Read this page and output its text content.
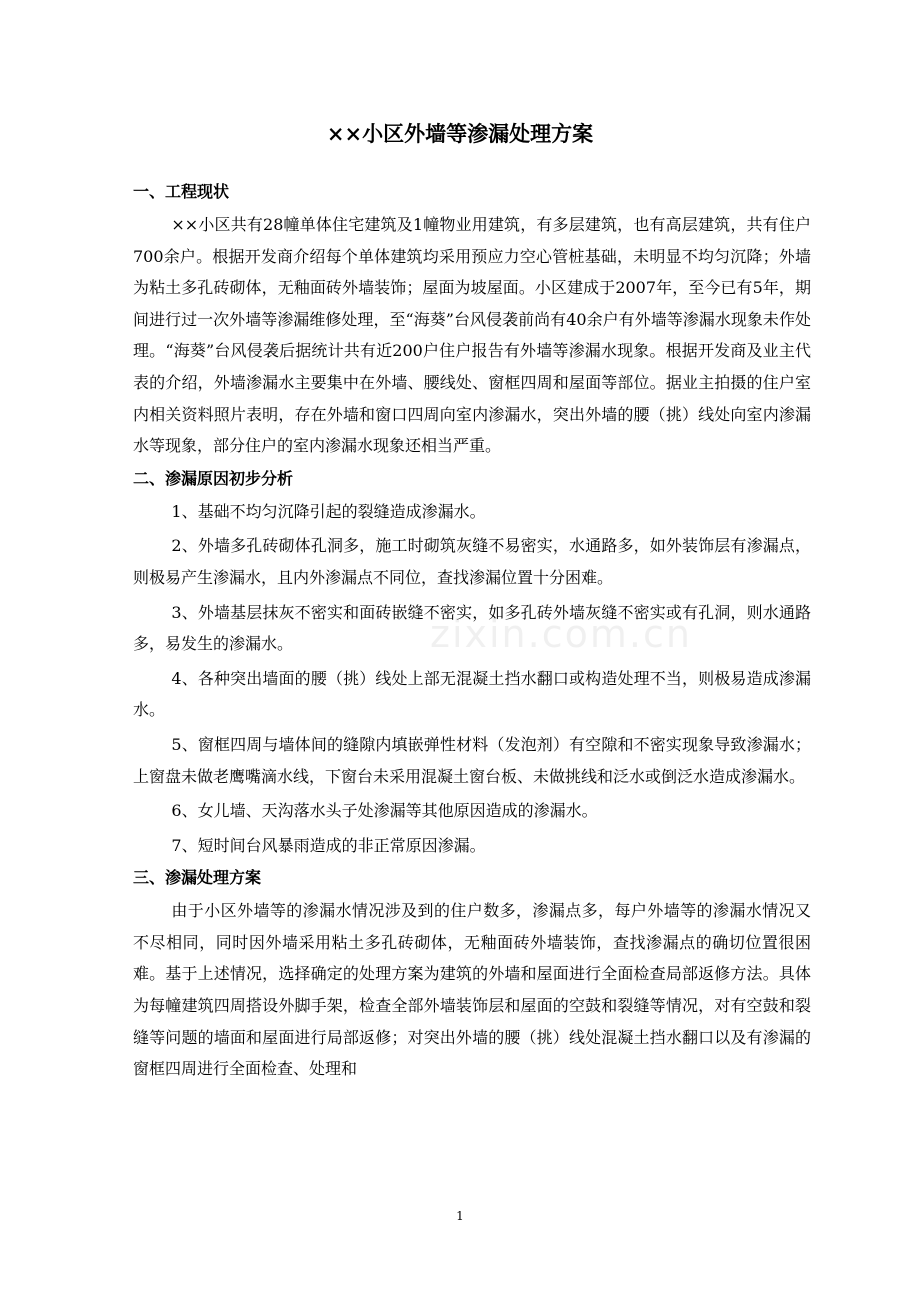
zixin.com.cn
××小区外墙等渗漏处理方案
一、工程现状

××小区共有28幢单体住宅建筑及1幢物业用建筑，有多层建筑，也有高层建筑，共有住户700余户。根据开发商介绍每个单体建筑均采用预应力空心管桩基础，未明显不均匀沉降；外墙为粘土多孔砖砌体，无釉面砖外墙装饰；屋面为坡屋面。小区建成于2007年，至今已有5年，期间进行过一次外墙等渗漏维修处理，至“海葵”台风侵袭前尚有40余户有外墙等渗漏水现象未作处理。“海葵”台风侵袭后据统计共有近200户住户报告有外墙等渗漏水现象。根据开发商及业主代表的介绍，外墙渗漏水主要集中在外墙、腰线处、窗框四周和屋面等部位。据业主拍摄的住户室内相关资料照片表明，存在外墙和窗口四周向室内渗漏水，突出外墙的腰（挑）线处向室内渗漏水等现象，部分住户的室内渗漏水现象还相当严重。

二、渗漏原因初步分析

1、基础不均匀沉降引起的裂缝造成渗漏水。

2、外墙多孔砖砌体孔洞多，施工时砌筑灰缝不易密实，水通路多，如外装饰层有渗漏点，则极易产生渗漏水，且内外渗漏点不同位，查找渗漏位置十分困难。

3、外墙基层抹灰不密实和面砖嵌缝不密实，如多孔砖外墙灰缝不密实或有孔洞，则水通路多，易发生的渗漏水。

4、各种突出墙面的腰（挑）线处上部无混凝土挡水翻口或构造处理不当，则极易造成渗漏水。

5、窗框四周与墙体间的缝隙内填嵌弹性材料（发泡剂）有空隙和不密实现象导致渗漏水；上窗盘未做老鹰嘴滴水线，下窗台未采用混凝土窗台板、未做挑线和泛水或倒泛水造成渗漏水。

6、女儿墙、天沟落水头子处渗漏等其他原因造成的渗漏水。

7、短时间台风暴雨造成的非正常原因渗漏。

三、渗漏处理方案

由于小区外墙等的渗漏水情况涉及到的住户数多，渗漏点多，每户外墙等的渗漏水情况又不尽相同，同时因外墙采用粘土多孔砖砌体，无釉面砖外墙装饰，查找渗漏点的确切位置很困难。基于上述情况，选择确定的处理方案为建筑的外墙和屋面进行全面检查局部返修方法。具体为每幢建筑四周搭设外脚手架，检查全部外墙装饰层和屋面的空鼓和裂缝等情况，对有空鼓和裂缝等问题的墙面和屋面进行局部返修；对突出外墙的腰（挑）线处混凝土挡水翻口以及有渗漏的窗框四周进行全面检查、处理和

1
